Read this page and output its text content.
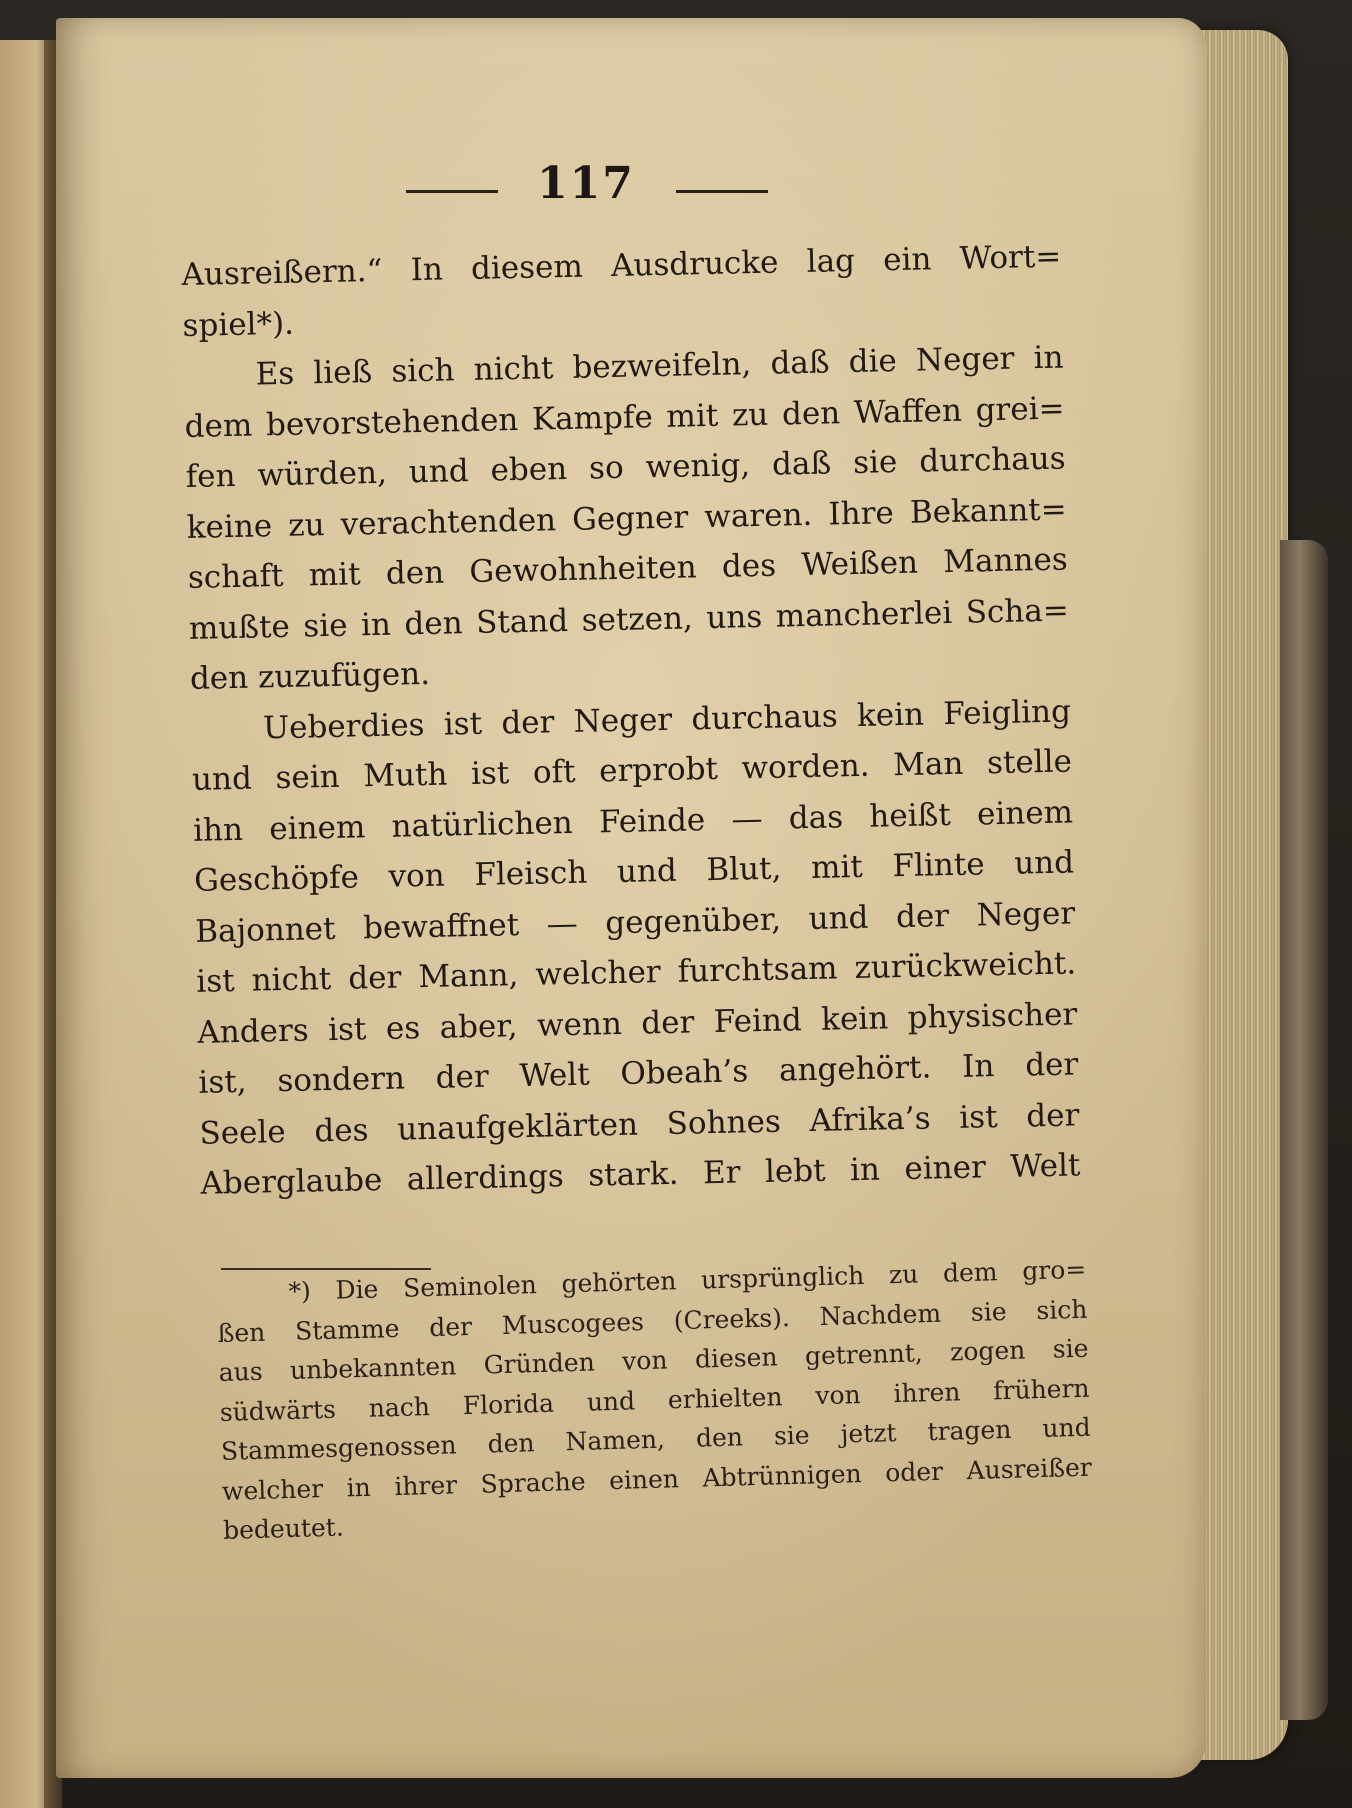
117
Ausreißern.“ In diesem Ausdrucke lag ein Wort=
spiel*).
Es ließ sich nicht bezweifeln, daß die Neger in
dem bevorstehenden Kampfe mit zu den Waffen grei=
fen würden, und eben so wenig, daß sie durchaus
keine zu verachtenden Gegner waren. Ihre Bekannt=
schaft mit den Gewohnheiten des Weißen Mannes
mußte sie in den Stand setzen, uns mancherlei Scha=
den zuzufügen.
Ueberdies ist der Neger durchaus kein Feigling
und sein Muth ist oft erprobt worden. Man stelle
ihn einem natürlichen Feinde — das heißt einem
Geschöpfe von Fleisch und Blut, mit Flinte und
Bajonnet bewaffnet — gegenüber, und der Neger
ist nicht der Mann, welcher furchtsam zurückweicht.
Anders ist es aber, wenn der Feind kein physischer
ist, sondern der Welt Obeah’s angehört. In der
Seele des unaufgeklärten Sohnes Afrika’s ist der
Aberglaube allerdings stark. Er lebt in einer Welt
*) Die Seminolen gehörten ursprünglich zu dem gro=
ßen Stamme der Muscogees (Creeks). Nachdem sie sich
aus unbekannten Gründen von diesen getrennt, zogen sie
südwärts nach Florida und erhielten von ihren frühern
Stammesgenossen den Namen, den sie jetzt tragen und
welcher in ihrer Sprache einen Abtrünnigen oder Ausreißer
bedeutet.
